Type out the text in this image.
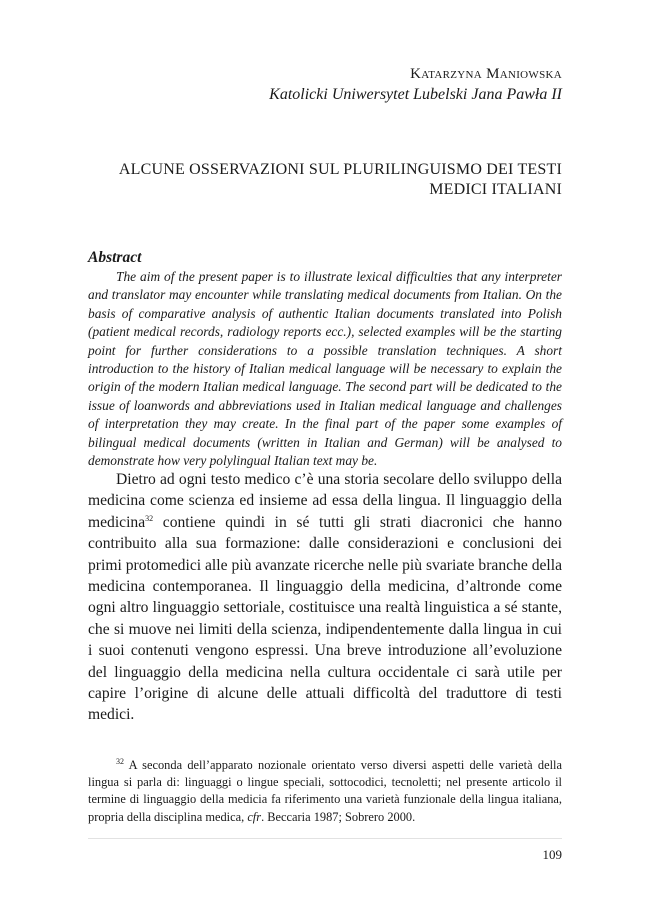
Katarzyna Maniowska
Katolicki Uniwersytet Lubelski Jana Pawła II
ALCUNE OSSERVAZIONI SUL PLURILINGUISMO DEI TESTI
MEDICI ITALIANI
Abstract

The aim of the present paper is to illustrate lexical difficulties that any interpreter and translator may encounter while translating medical documents from Italian. On the basis of comparative analysis of authentic Italian documents translated into Polish (patient medical records, radiology reports ecc.), selected examples will be the starting point for further considerations to a possible translation techniques. A short introduction to the history of Italian medical language will be necessary to explain the origin of the modern Italian medical language. The second part will be dedicated to the issue of loanwords and abbreviations used in Italian medical language and challenges of interpretation they may create. In the final part of the paper some examples of bilingual medical documents (written in Italian and German) will be analysed to demonstrate how very polylingual Italian text may be.

Dietro ad ogni testo medico c’è una storia secolare dello sviluppo della medicina come scienza ed insieme ad essa della lingua. Il linguaggio della medicina$^{32}$ contiene quindi in sé tutti gli strati diacronici che hanno contribuito alla sua formazione: dalle considerazioni e conclusioni dei primi protomedici alle più avanzate ricerche nelle più svariate branche della medicina contemporanea. Il linguaggio della medicina, d’altronde come ogni altro linguaggio settoriale, costituisce una realtà linguistica a sé stante, che si muove nei limiti della scienza, indipendentemente dalla lingua in cui i suoi contenuti vengono espressi. Una breve introduzione all’evoluzione del linguaggio della medicina nella cultura occidentale ci sarà utile per capire l’origine di alcune delle attuali difficoltà del traduttore di testi medici.

$^{32}$ A seconda dell’apparato nozionale orientato verso diversi aspetti delle varietà della lingua si parla di: linguaggi o lingue speciali, sottocodici, tecnoletti; nel presente articolo il termine di linguaggio della medicia fa riferimento una varietà funzionale della lingua italiana, propria della disciplina medica, cfr. Beccaria 1987; Sobrero 2000.

109
